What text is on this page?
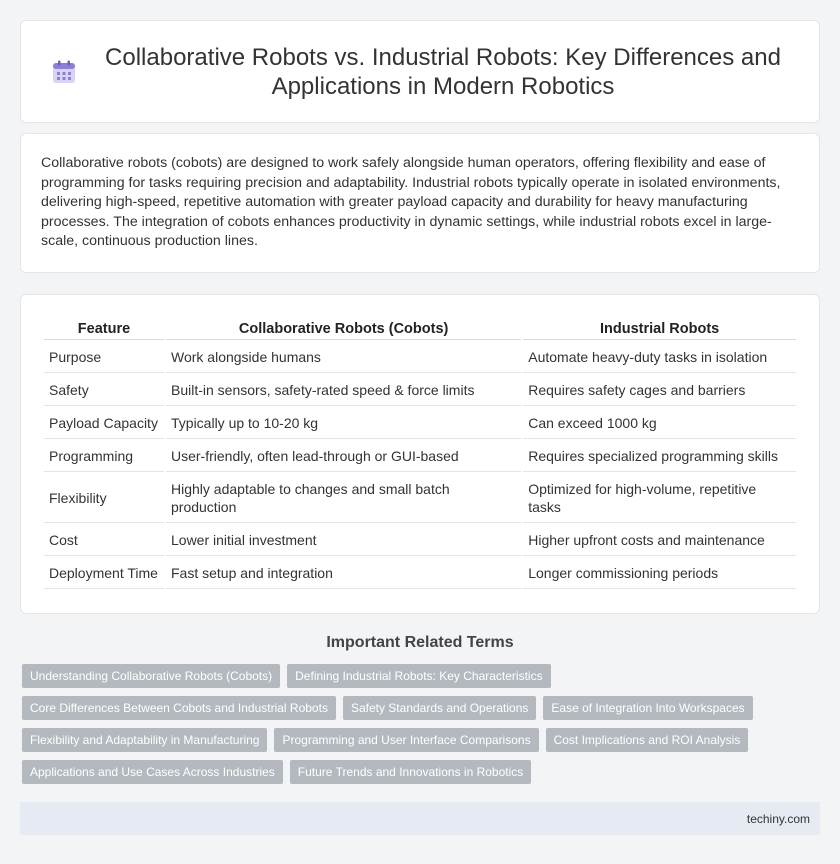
Collaborative Robots vs. Industrial Robots: Key Differences and Applications in Modern Robotics

Collaborative robots (cobots) are designed to work safely alongside human operators, offering flexibility and ease of programming for tasks requiring precision and adaptability. Industrial robots typically operate in isolated environments, delivering high-speed, repetitive automation with greater payload capacity and durability for heavy manufacturing processes. The integration of cobots enhances productivity in dynamic settings, while industrial robots excel in large-scale, continuous production lines.

Feature	Collaborative Robots (Cobots)	Industrial Robots
Purpose	Work alongside humans	Automate heavy-duty tasks in isolation
Safety	Built-in sensors, safety-rated speed & force limits	Requires safety cages and barriers
Payload Capacity	Typically up to 10-20 kg	Can exceed 1000 kg
Programming	User-friendly, often lead-through or GUI-based	Requires specialized programming skills
Flexibility	Highly adaptable to changes and small batch production	Optimized for high-volume, repetitive tasks
Cost	Lower initial investment	Higher upfront costs and maintenance
Deployment Time	Fast setup and integration	Longer commissioning periods
Important Related Terms
Understanding Collaborative Robots (Cobots)	Defining Industrial Robots: Key Characteristics
Core Differences Between Cobots and Industrial Robots	Safety Standards and Operations	Ease of Integration Into Workspaces
Flexibility and Adaptability in Manufacturing	Programming and User Interface Comparisons	Cost Implications and ROI Analysis
Applications and Use Cases Across Industries	Future Trends and Innovations in Robotics
techiny.com
